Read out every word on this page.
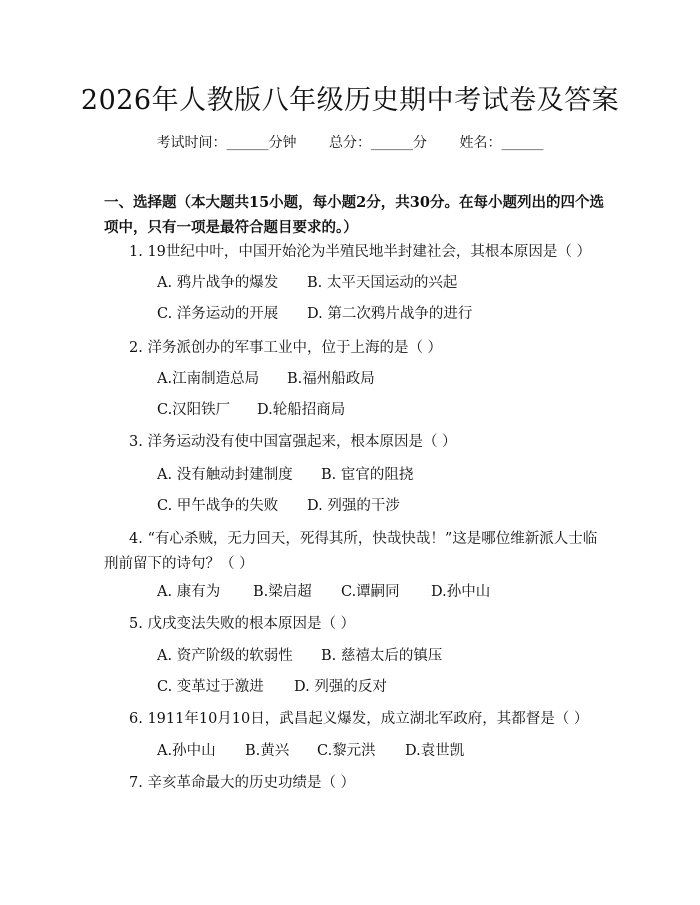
2026年人教版八年级历史期中考试卷及答案
考试时间：______分钟 总分：______分 姓名：______
一、选择题（本大题共15小题，每小题2分，共30分。在每小题列出的四个选项中，只有一项是最符合题目要求的。）
1. 19世纪中叶，中国开始沦为半殖民地半封建社会，其根本原因是（ ）
A. 鸦片战争的爆发 B. 太平天国运动的兴起
C. 洋务运动的开展 D. 第二次鸦片战争的进行
2. 洋务派创办的军事工业中，位于上海的是（ ）
A.江南制造总局 B.福州船政局
C.汉阳铁厂 D.轮船招商局
3. 洋务运动没有使中国富强起来，根本原因是（ ）
A. 没有触动封建制度 B. 宦官的阻挠
C. 甲午战争的失败 D. 列强的干涉
4. “有心杀贼，无力回天，死得其所，快哉快哉！”这是哪位维新派人士临刑前留下的诗句？（ ）
A. 康有为 B.梁启超 C.谭嗣同 D.孙中山
5. 戊戌变法失败的根本原因是（ ）
A. 资产阶级的软弱性 B. 慈禧太后的镇压
C. 变革过于激进 D. 列强的反对
6. 1911年10月10日，武昌起义爆发，成立湖北军政府，其都督是（ ）
A.孙中山 B.黄兴 C.黎元洪 D.袁世凯
7. 辛亥革命最大的历史功绩是（ ）
